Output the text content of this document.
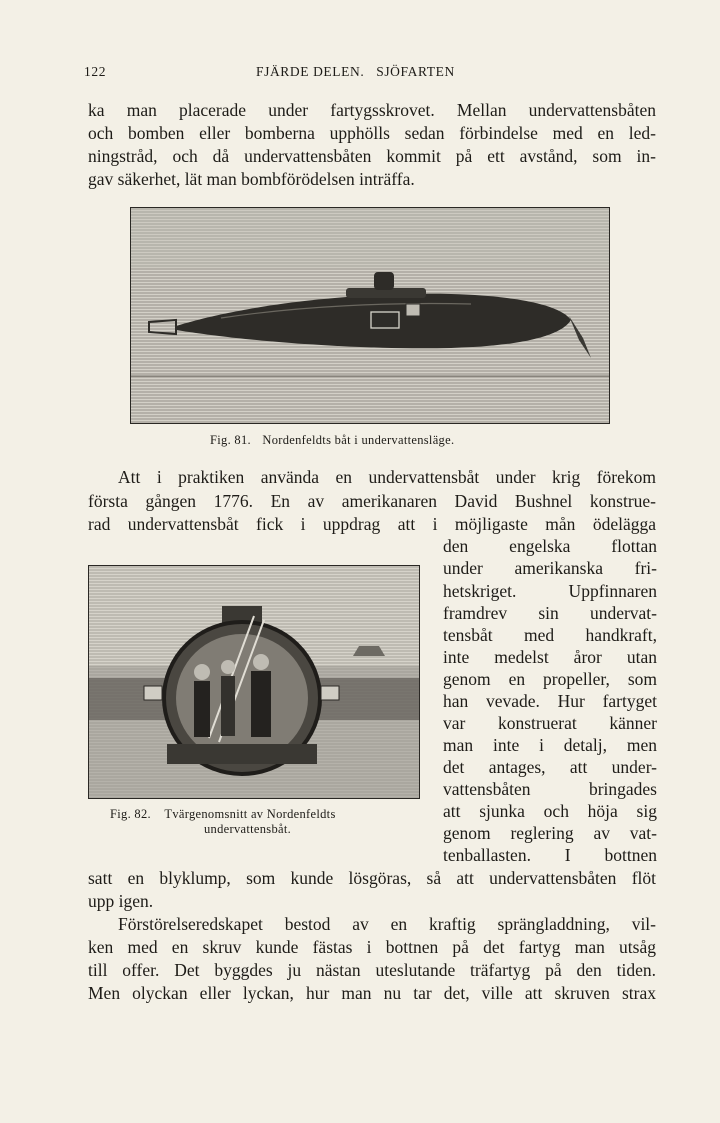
122	FJÄRDE DELEN.   SJÖFARTEN
ka man placerade under fartygsskrovet. Mellan undervattensbåten
och bomben eller bomberna upphölls sedan förbindelse med en led-
ningstråd, och då undervattensbåten kommit på ett avstånd, som in-
gav säkerhet, lät man bombförödelsen inträffa.
Fig. 81. Nordenfeldts båt i undervattensläge.
Att i praktiken använda en undervattensbåt under krig förekom
första gången 1776. En av amerikanaren David Bushnel konstrue-
rad undervattensbåt fick i uppdrag att i möjligaste mån ödelägga
Fig. 82. Tvärgenomsnitt av Nordenfeldts
undervattensbåt.
den engelska flottan
under amerikanska fri-
hetskriget. Uppfinnaren
framdrev sin undervat-
tensbåt med handkraft,
inte medelst åror utan
genom en propeller, som
han vevade. Hur fartyget
var konstruerat känner
man inte i detalj, men
det antages, att under-
vattensbåten bringades
att sjunka och höja sig
genom reglering av vat-
tenballasten. I bottnen
satt en blyklump, som kunde lösgöras, så att undervattensbåten flöt
upp igen.
Förstörelseredskapet bestod av en kraftig sprängladdning, vil-
ken med en skruv kunde fästas i bottnen på det fartyg man utsåg
till offer. Det byggdes ju nästan uteslutande träfartyg på den tiden.
Men olyckan eller lyckan, hur man nu tar det, ville att skruven strax
